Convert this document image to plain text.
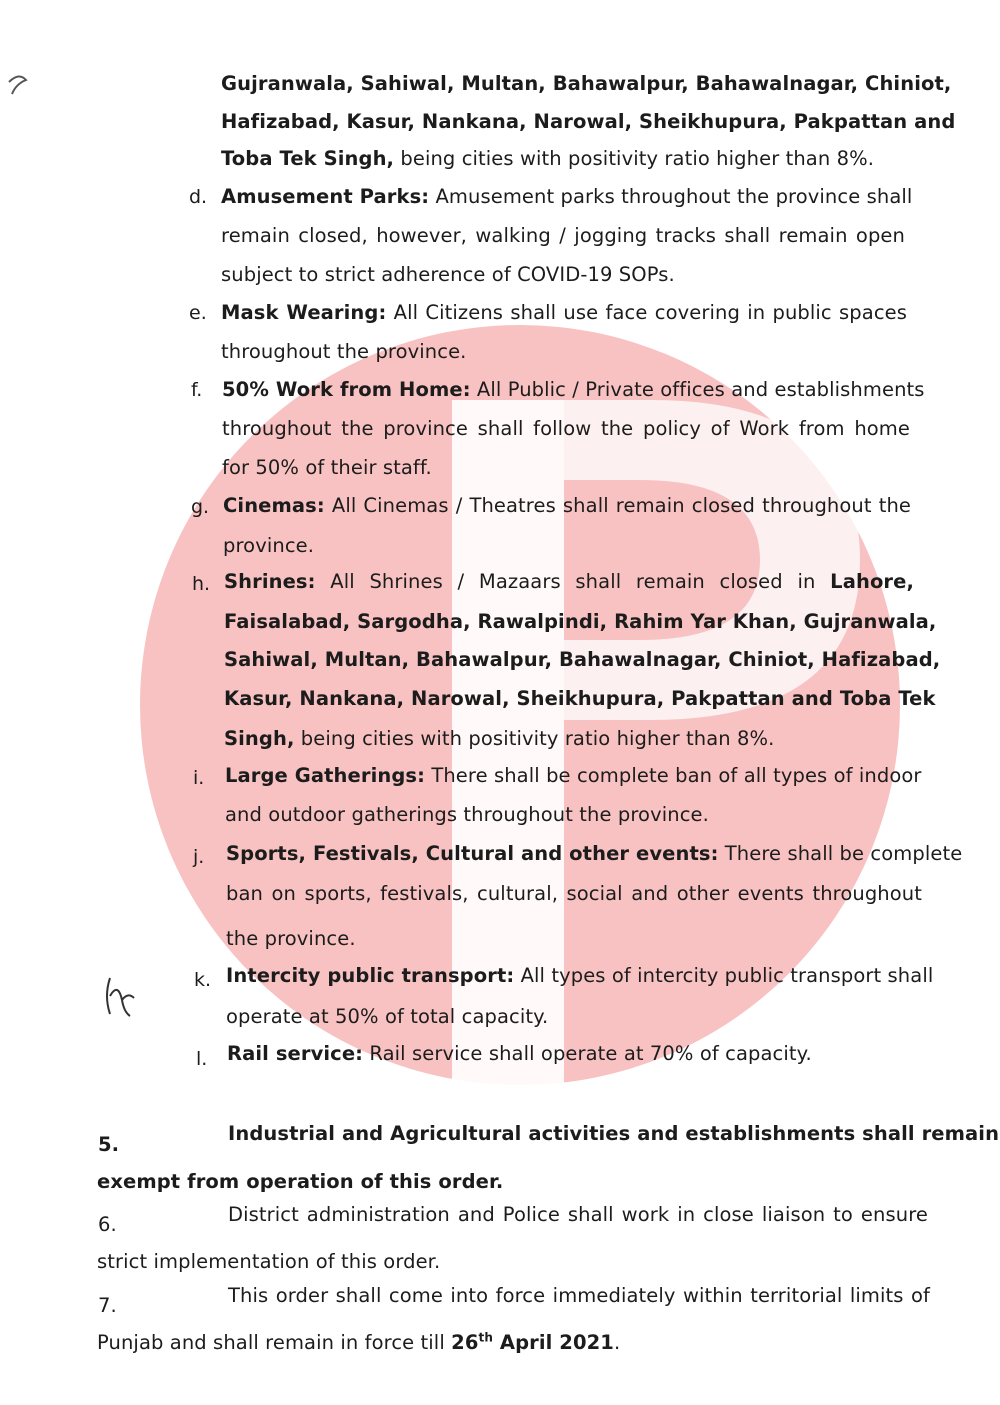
Gujranwala, Sahiwal, Multan, Bahawalpur, Bahawalnagar, Chiniot,
Hafizabad, Kasur, Nankana, Narowal, Sheikhupura, Pakpattan and
Toba Tek Singh, being cities with positivity ratio higher than 8%.
d. Amusement Parks: Amusement parks throughout the province shall
remain closed, however, walking / jogging tracks shall remain open
subject to strict adherence of COVID-19 SOPs.
e. Mask Wearing: All Citizens shall use face covering in public spaces
throughout the province.
f. 50% Work from Home: All Public / Private offices and establishments
throughout the province shall follow the policy of Work from home
for 50% of their staff.
g. Cinemas: All Cinemas / Theatres shall remain closed throughout the
province.
h. Shrines: All Shrines / Mazaars shall remain closed in Lahore,
Faisalabad, Sargodha, Rawalpindi, Rahim Yar Khan, Gujranwala,
Sahiwal, Multan, Bahawalpur, Bahawalnagar, Chiniot, Hafizabad,
Kasur, Nankana, Narowal, Sheikhupura, Pakpattan and Toba Tek
Singh, being cities with positivity ratio higher than 8%.
i. Large Gatherings: There shall be complete ban of all types of indoor
and outdoor gatherings throughout the province.
j. Sports, Festivals, Cultural and other events: There shall be complete
ban on sports, festivals, cultural, social and other events throughout
the province.
k. Intercity public transport: All types of intercity public transport shall
operate at 50% of total capacity.
l. Rail service: Rail service shall operate at 70% of capacity.
5.	Industrial and Agricultural activities and establishments shall remain
exempt from operation of this order.
6.	District administration and Police shall work in close liaison to ensure
strict implementation of this order.
7.	This order shall come into force immediately within territorial limits of
Punjab and shall remain in force till 26th April 2021.
